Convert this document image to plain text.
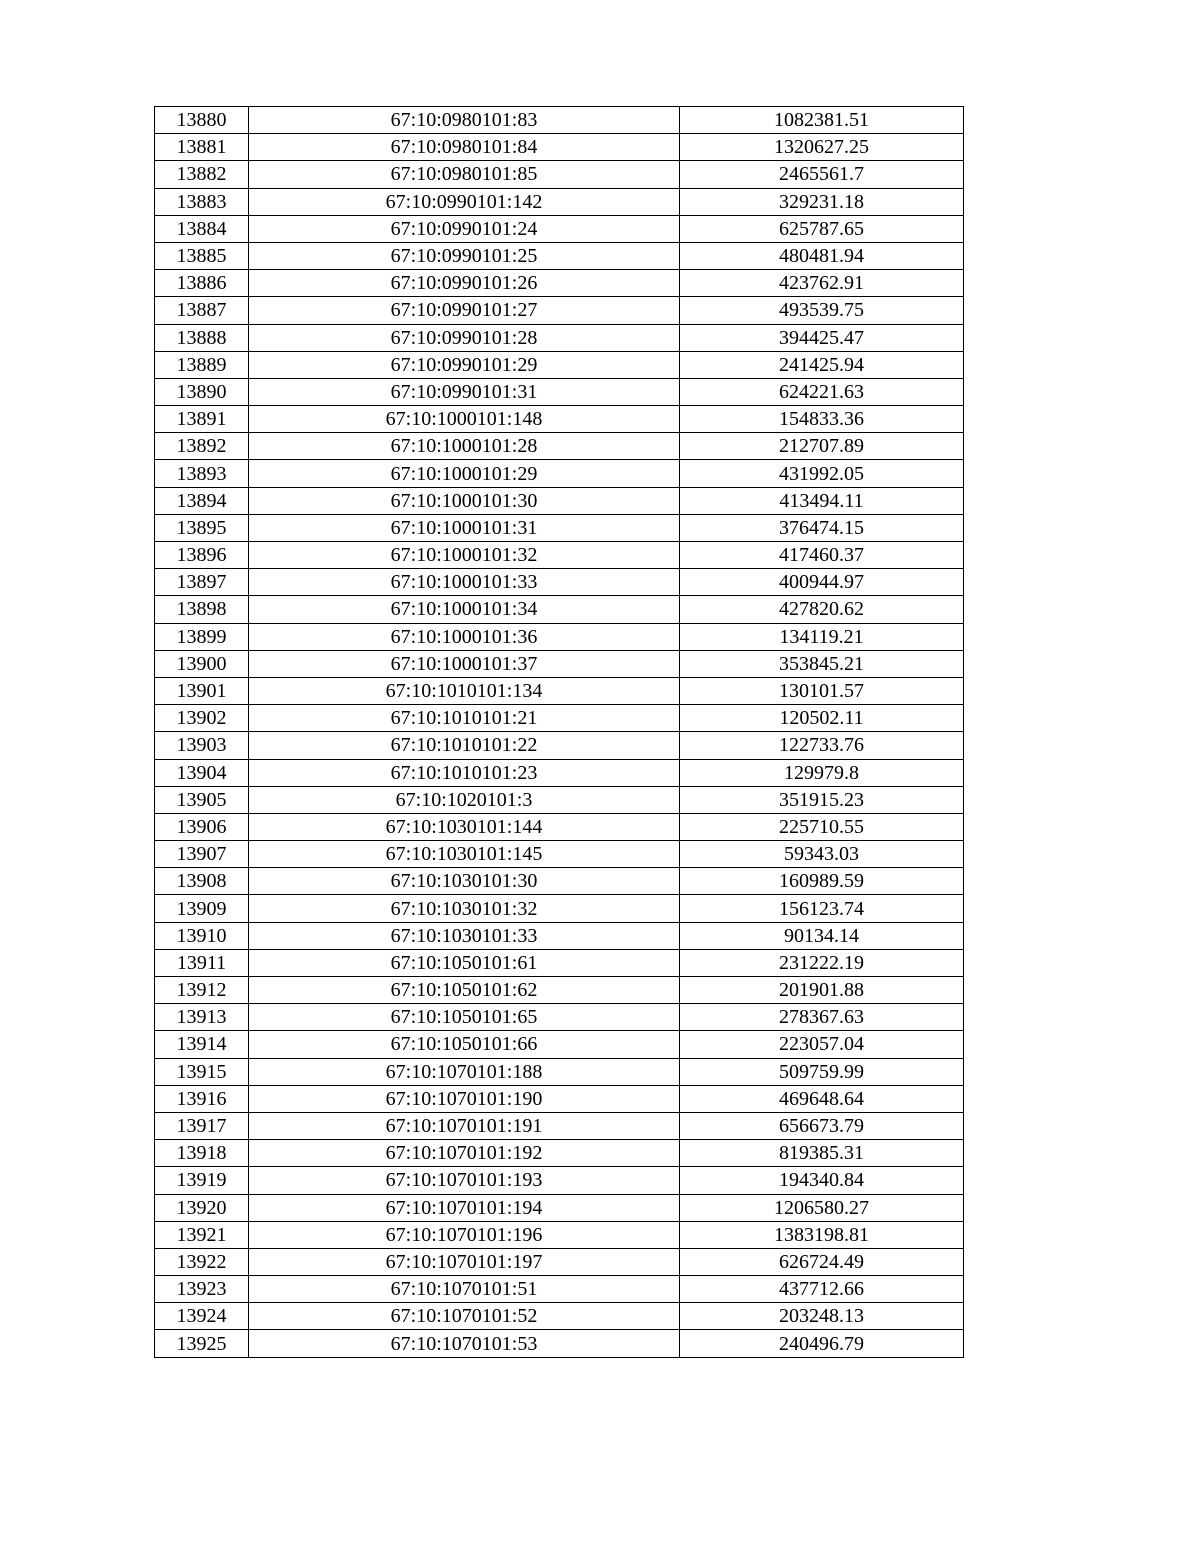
13880	67:10:0980101:83	1082381.51
13881	67:10:0980101:84	1320627.25
13882	67:10:0980101:85	2465561.7
13883	67:10:0990101:142	329231.18
13884	67:10:0990101:24	625787.65
13885	67:10:0990101:25	480481.94
13886	67:10:0990101:26	423762.91
13887	67:10:0990101:27	493539.75
13888	67:10:0990101:28	394425.47
13889	67:10:0990101:29	241425.94
13890	67:10:0990101:31	624221.63
13891	67:10:1000101:148	154833.36
13892	67:10:1000101:28	212707.89
13893	67:10:1000101:29	431992.05
13894	67:10:1000101:30	413494.11
13895	67:10:1000101:31	376474.15
13896	67:10:1000101:32	417460.37
13897	67:10:1000101:33	400944.97
13898	67:10:1000101:34	427820.62
13899	67:10:1000101:36	134119.21
13900	67:10:1000101:37	353845.21
13901	67:10:1010101:134	130101.57
13902	67:10:1010101:21	120502.11
13903	67:10:1010101:22	122733.76
13904	67:10:1010101:23	129979.8
13905	67:10:1020101:3	351915.23
13906	67:10:1030101:144	225710.55
13907	67:10:1030101:145	59343.03
13908	67:10:1030101:30	160989.59
13909	67:10:1030101:32	156123.74
13910	67:10:1030101:33	90134.14
13911	67:10:1050101:61	231222.19
13912	67:10:1050101:62	201901.88
13913	67:10:1050101:65	278367.63
13914	67:10:1050101:66	223057.04
13915	67:10:1070101:188	509759.99
13916	67:10:1070101:190	469648.64
13917	67:10:1070101:191	656673.79
13918	67:10:1070101:192	819385.31
13919	67:10:1070101:193	194340.84
13920	67:10:1070101:194	1206580.27
13921	67:10:1070101:196	1383198.81
13922	67:10:1070101:197	626724.49
13923	67:10:1070101:51	437712.66
13924	67:10:1070101:52	203248.13
13925	67:10:1070101:53	240496.79
